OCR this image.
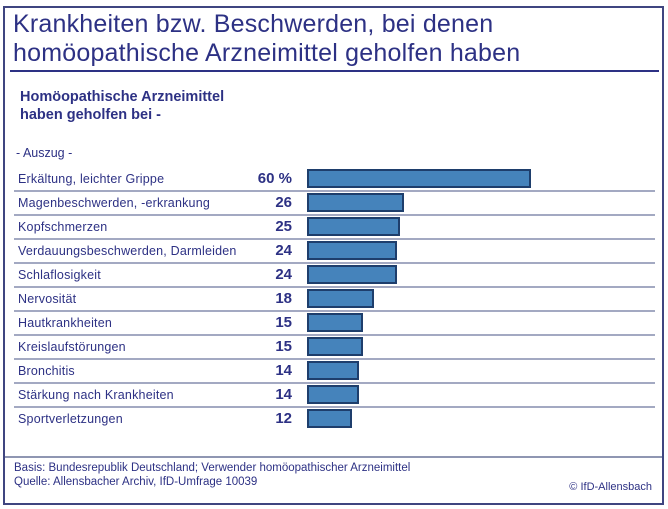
Krankheiten bzw. Beschwerden, bei denen
homöopathische Arzneimittel geholfen haben
Homöopathische Arzneimittel
haben geholfen bei -
- Auszug -
Erkältung, leichter Grippe	60 %
Magenbeschwerden, -erkrankung	26
Kopfschmerzen	25
Verdauungsbeschwerden, Darmleiden	24
Schlaflosigkeit	24
Nervosität	18
Hautkrankheiten	15
Kreislaufstörungen	15
Bronchitis	14
Stärkung nach Krankheiten	14
Sportverletzungen	12
Basis: Bundesrepublik Deutschland; Verwender homöopathischer Arzneimittel
Quelle: Allensbacher Archiv, IfD-Umfrage 10039	© IfD-Allensbach
